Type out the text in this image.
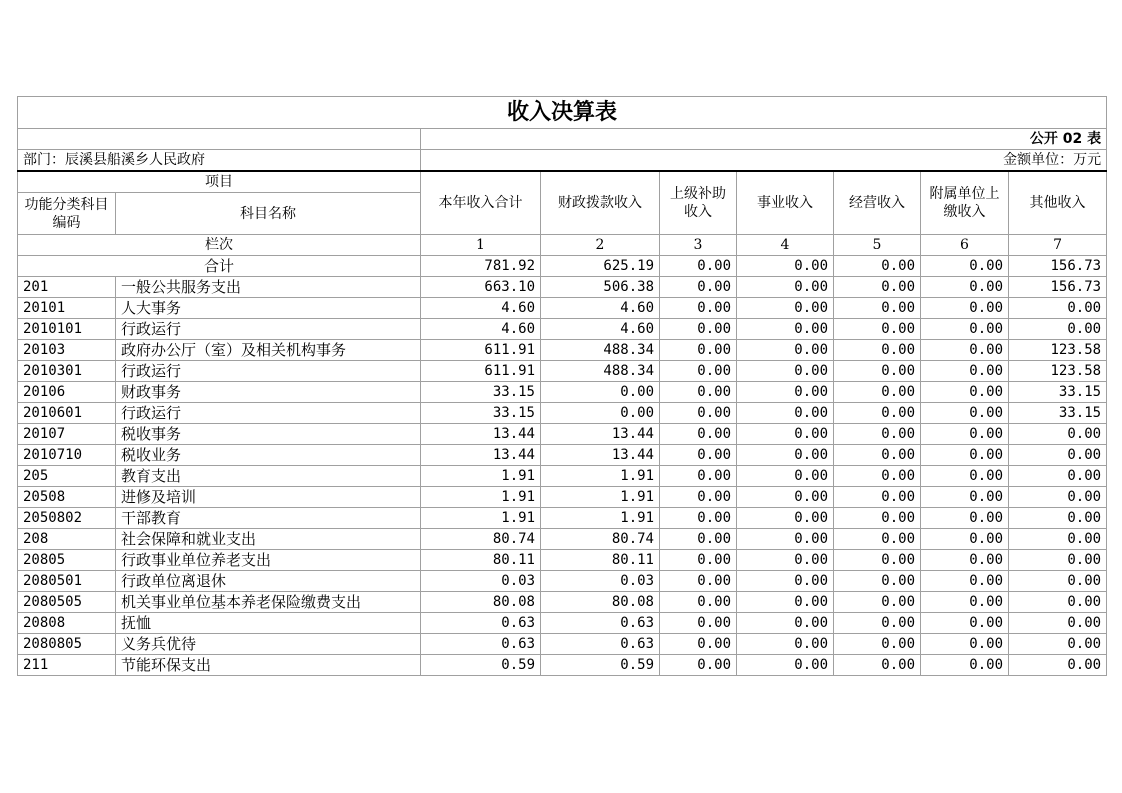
收入决算表								
		公开 02 表						
部门：辰溪县船溪乡人民政府		金额单位：万元						
项目		本年收入合计	财政拨款收入	上级补助收入	事业收入	经营收入	附属单位上缴收入	其他收入
功能分类科目编码	科目名称							
栏次		1	2	3	4	5	6	7
合计		781.92	625.19	0.00	0.00	0.00	0.00	156.73
201	一般公共服务支出	663.10	506.38	0.00	0.00	0.00	0.00	156.73
20101	人大事务	4.60	4.60	0.00	0.00	0.00	0.00	0.00
2010101	行政运行	4.60	4.60	0.00	0.00	0.00	0.00	0.00
20103	政府办公厅（室）及相关机构事务	611.91	488.34	0.00	0.00	0.00	0.00	123.58
2010301	行政运行	611.91	488.34	0.00	0.00	0.00	0.00	123.58
20106	财政事务	33.15	0.00	0.00	0.00	0.00	0.00	33.15
2010601	行政运行	33.15	0.00	0.00	0.00	0.00	0.00	33.15
20107	税收事务	13.44	13.44	0.00	0.00	0.00	0.00	0.00
2010710	税收业务	13.44	13.44	0.00	0.00	0.00	0.00	0.00
205	教育支出	1.91	1.91	0.00	0.00	0.00	0.00	0.00
20508	进修及培训	1.91	1.91	0.00	0.00	0.00	0.00	0.00
2050802	干部教育	1.91	1.91	0.00	0.00	0.00	0.00	0.00
208	社会保障和就业支出	80.74	80.74	0.00	0.00	0.00	0.00	0.00
20805	行政事业单位养老支出	80.11	80.11	0.00	0.00	0.00	0.00	0.00
2080501	行政单位离退休	0.03	0.03	0.00	0.00	0.00	0.00	0.00
2080505	机关事业单位基本养老保险缴费支出	80.08	80.08	0.00	0.00	0.00	0.00	0.00
20808	抚恤	0.63	0.63	0.00	0.00	0.00	0.00	0.00
2080805	义务兵优待	0.63	0.63	0.00	0.00	0.00	0.00	0.00
211	节能环保支出	0.59	0.59	0.00	0.00	0.00	0.00	0.00
